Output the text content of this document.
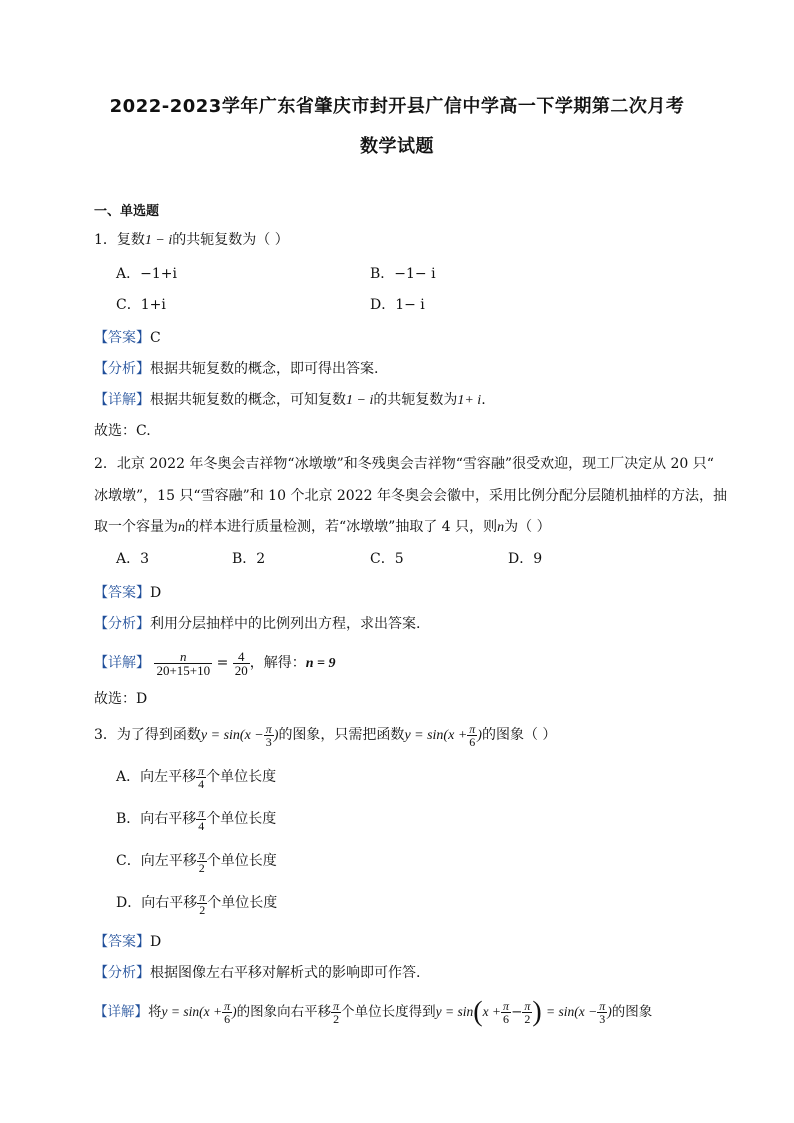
2022-2023学年广东省肇庆市封开县广信中学高一下学期第二次月考
数学试题
一、单选题
1．复数1 − i的共轭复数为（ ）
A．−1+i	B．−1− i
C．1+i	D．1− i
【答案】C
【分析】根据共轭复数的概念，即可得出答案.
【详解】根据共轭复数的概念，可知复数1 − i的共轭复数为1+ i.
故选：C.
2．北京 2022 年冬奥会吉祥物“冰墩墩”和冬残奥会吉祥物“雪容融”很受欢迎，现工厂决定从 20 只“
冰墩墩”，15 只“雪容融”和 10 个北京 2022 年冬奥会会徽中，采用比例分配分层随机抽样的方法，抽
取一个容量为n的样本进行质量检测，若“冰墩墩”抽取了 4 只，则n为（ ）
A．3	B．2	C．5	D．9
【答案】D
【分析】利用分层抽样中的比例列出方程，求出答案.
【详解】 $\frac{n}{20+15+10} = \frac{4}{20}$ ，解得：n = 9
故选：D
3．为了得到函数$y = \sin(x - \frac{\pi}{3}$ )的图象，只需把函数$y = \sin(x + \frac{\pi}{6}$ )的图象（ ）
A．向左平移 $\frac{\pi}{4}$ 个单位长度
B．向右平移 $\frac{\pi}{4}$ 个单位长度
C．向左平移 $\frac{\pi}{2}$ 个单位长度
D．向右平移 $\frac{\pi}{2}$ 个单位长度
【答案】D
【分析】根据图像左右平移对解析式的影响即可作答.
【详解】将$y = \sin(x + \frac{\pi}{6}$ )的图象向右平移 $\frac{\pi}{2}$ 个单位长度得到$y = \sin(x + \frac{\pi}{6} - \frac{\pi}{2}$ ) = $\sin(x - \frac{\pi}{3}$ )的图象
